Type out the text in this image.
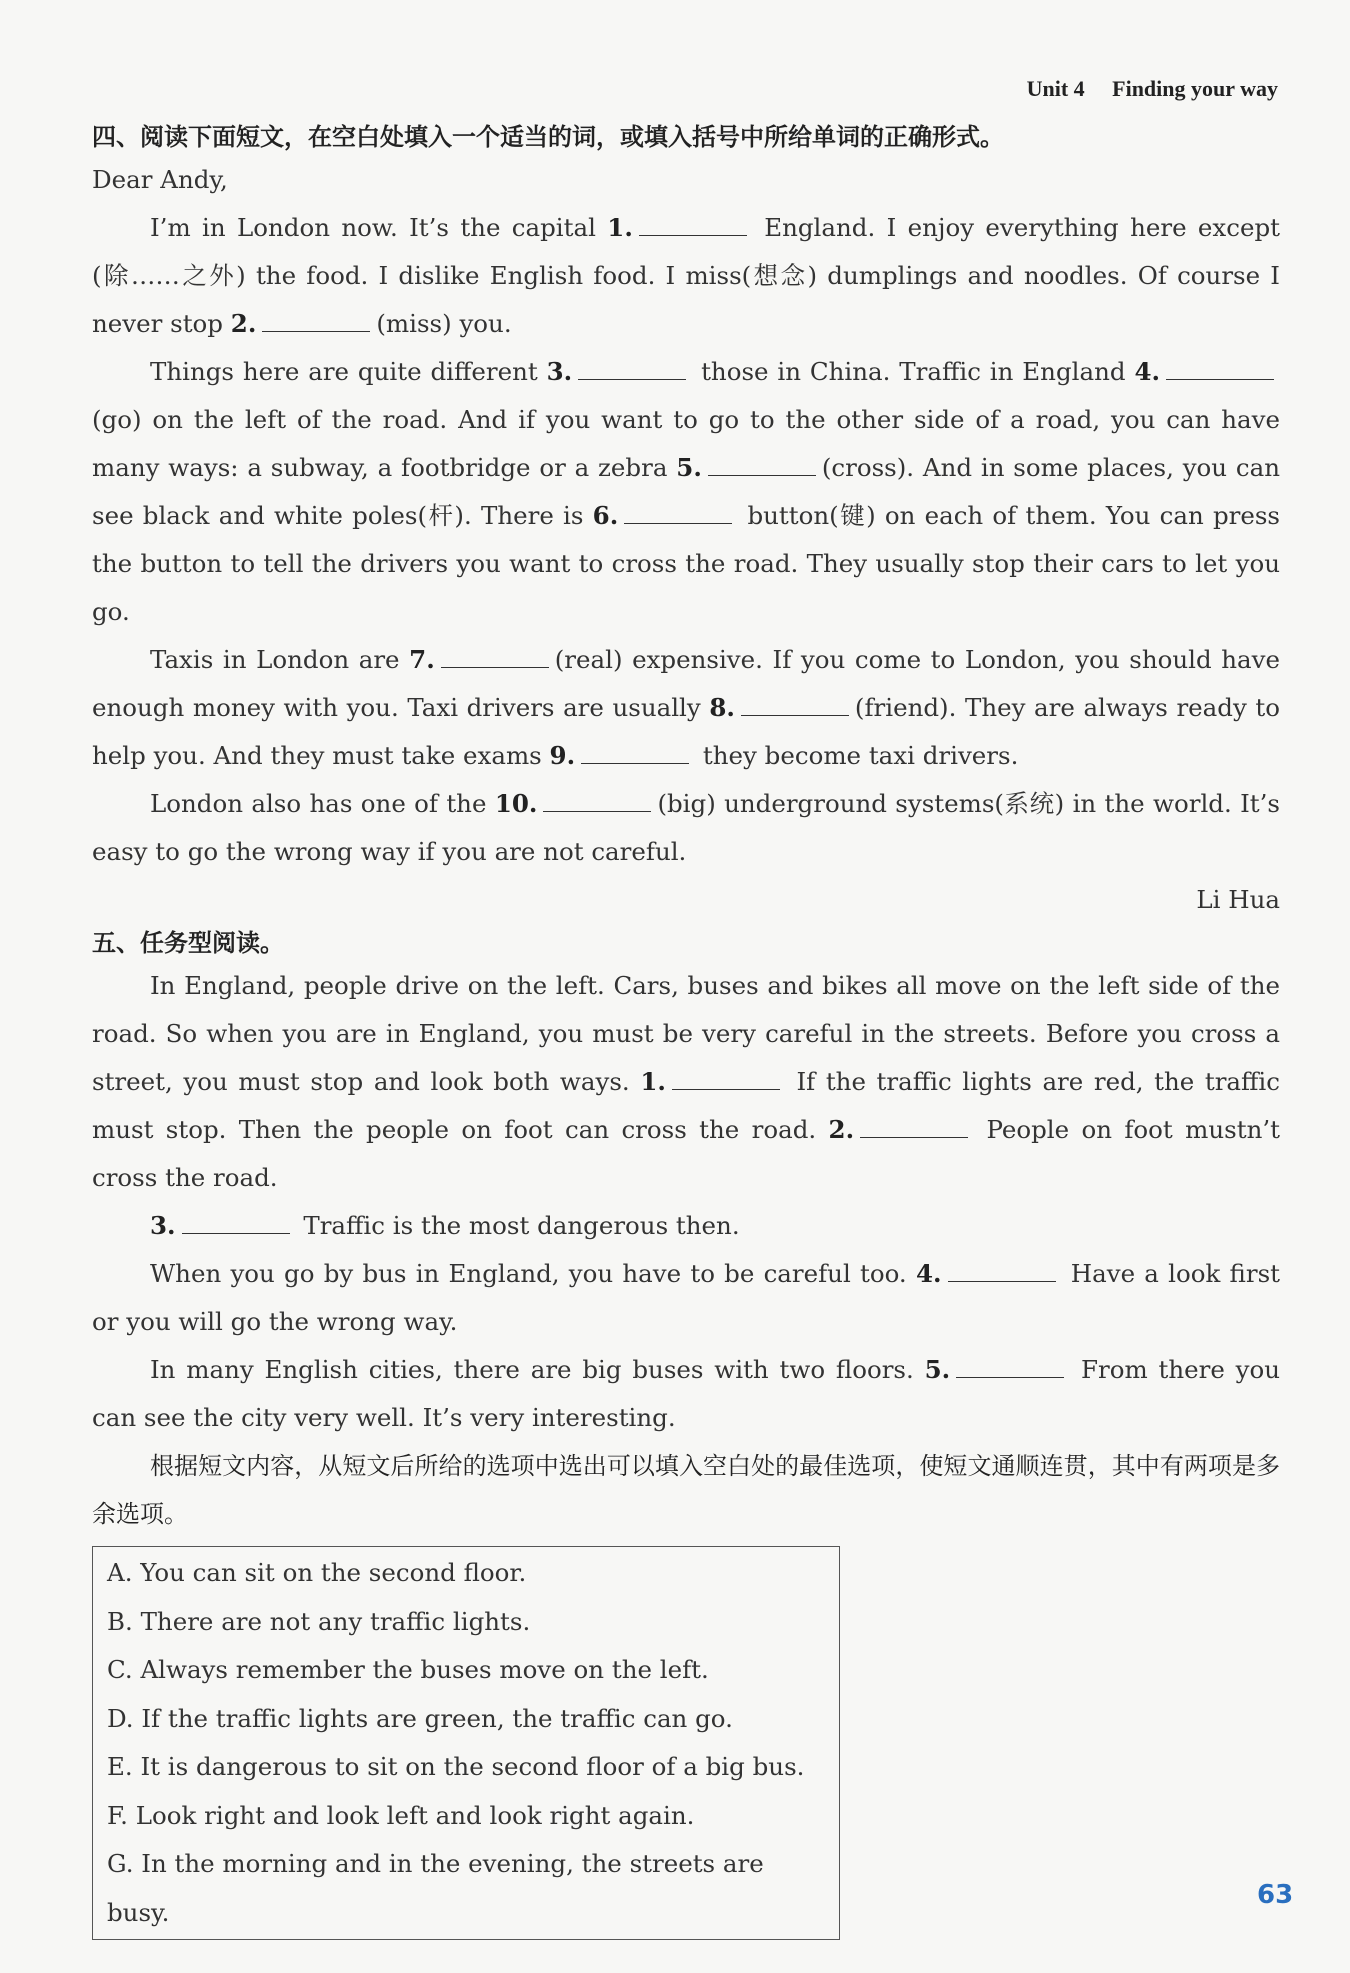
Unit 4 Finding your way

四、阅读下面短文，在空白处填入一个适当的词，或填入括号中所给单词的正确形式。

Dear Andy,

I’m in London now. It’s the capital 1.	England. I enjoy everything here except (除……之外) the food. I dislike English food. I miss(想念) dumplings and noodles. Of course I never stop 2.	(miss) you.

Things here are quite different 3.	those in China. Traffic in England 4. (go) on the left of the road. And if you want to go to the other side of a road, you can have many ways: a subway, a footbridge or a zebra 5.	(cross). And in some places, you can see black and white poles(杆). There is 6.	button(键) on each of them. You can press the button to tell the drivers you want to cross the road. They usually stop their cars to let you go.

Taxis in London are 7.	(real) expensive. If you come to London, you should have enough money with you. Taxi drivers are usually 8.	(friend). They are always ready to help you. And they must take exams 9.	they become taxi drivers.

London also has one of the 10.	(big) underground systems(系统) in the world. It’s easy to go the wrong way if you are not careful.

Li Hua

五、任务型阅读。

In England, people drive on the left. Cars, buses and bikes all move on the left side of the road. So when you are in England, you must be very careful in the streets. Before you cross a street, you must stop and look both ways. 1.	If the traffic lights are red, the traffic must stop. Then the people on foot can cross the road. 2.	People on foot mustn’t cross the road.

3.	Traffic is the most dangerous then.

When you go by bus in England, you have to be careful too. 4.	Have a look first or you will go the wrong way.

In many English cities, there are big buses with two floors. 5.	From there you can see the city very well. It’s very interesting.

根据短文内容，从短文后所给的选项中选出可以填入空白处的最佳选项，使短文通顺连贯，其中有两项是多余选项。

A. You can sit on the second floor.

B. There are not any traffic lights.

C. Always remember the buses move on the left.

D. If the traffic lights are green, the traffic can go.

E. It is dangerous to sit on the second floor of a big bus.

F. Look right and look left and look right again.

G. In the morning and in the evening, the streets are busy.

63
